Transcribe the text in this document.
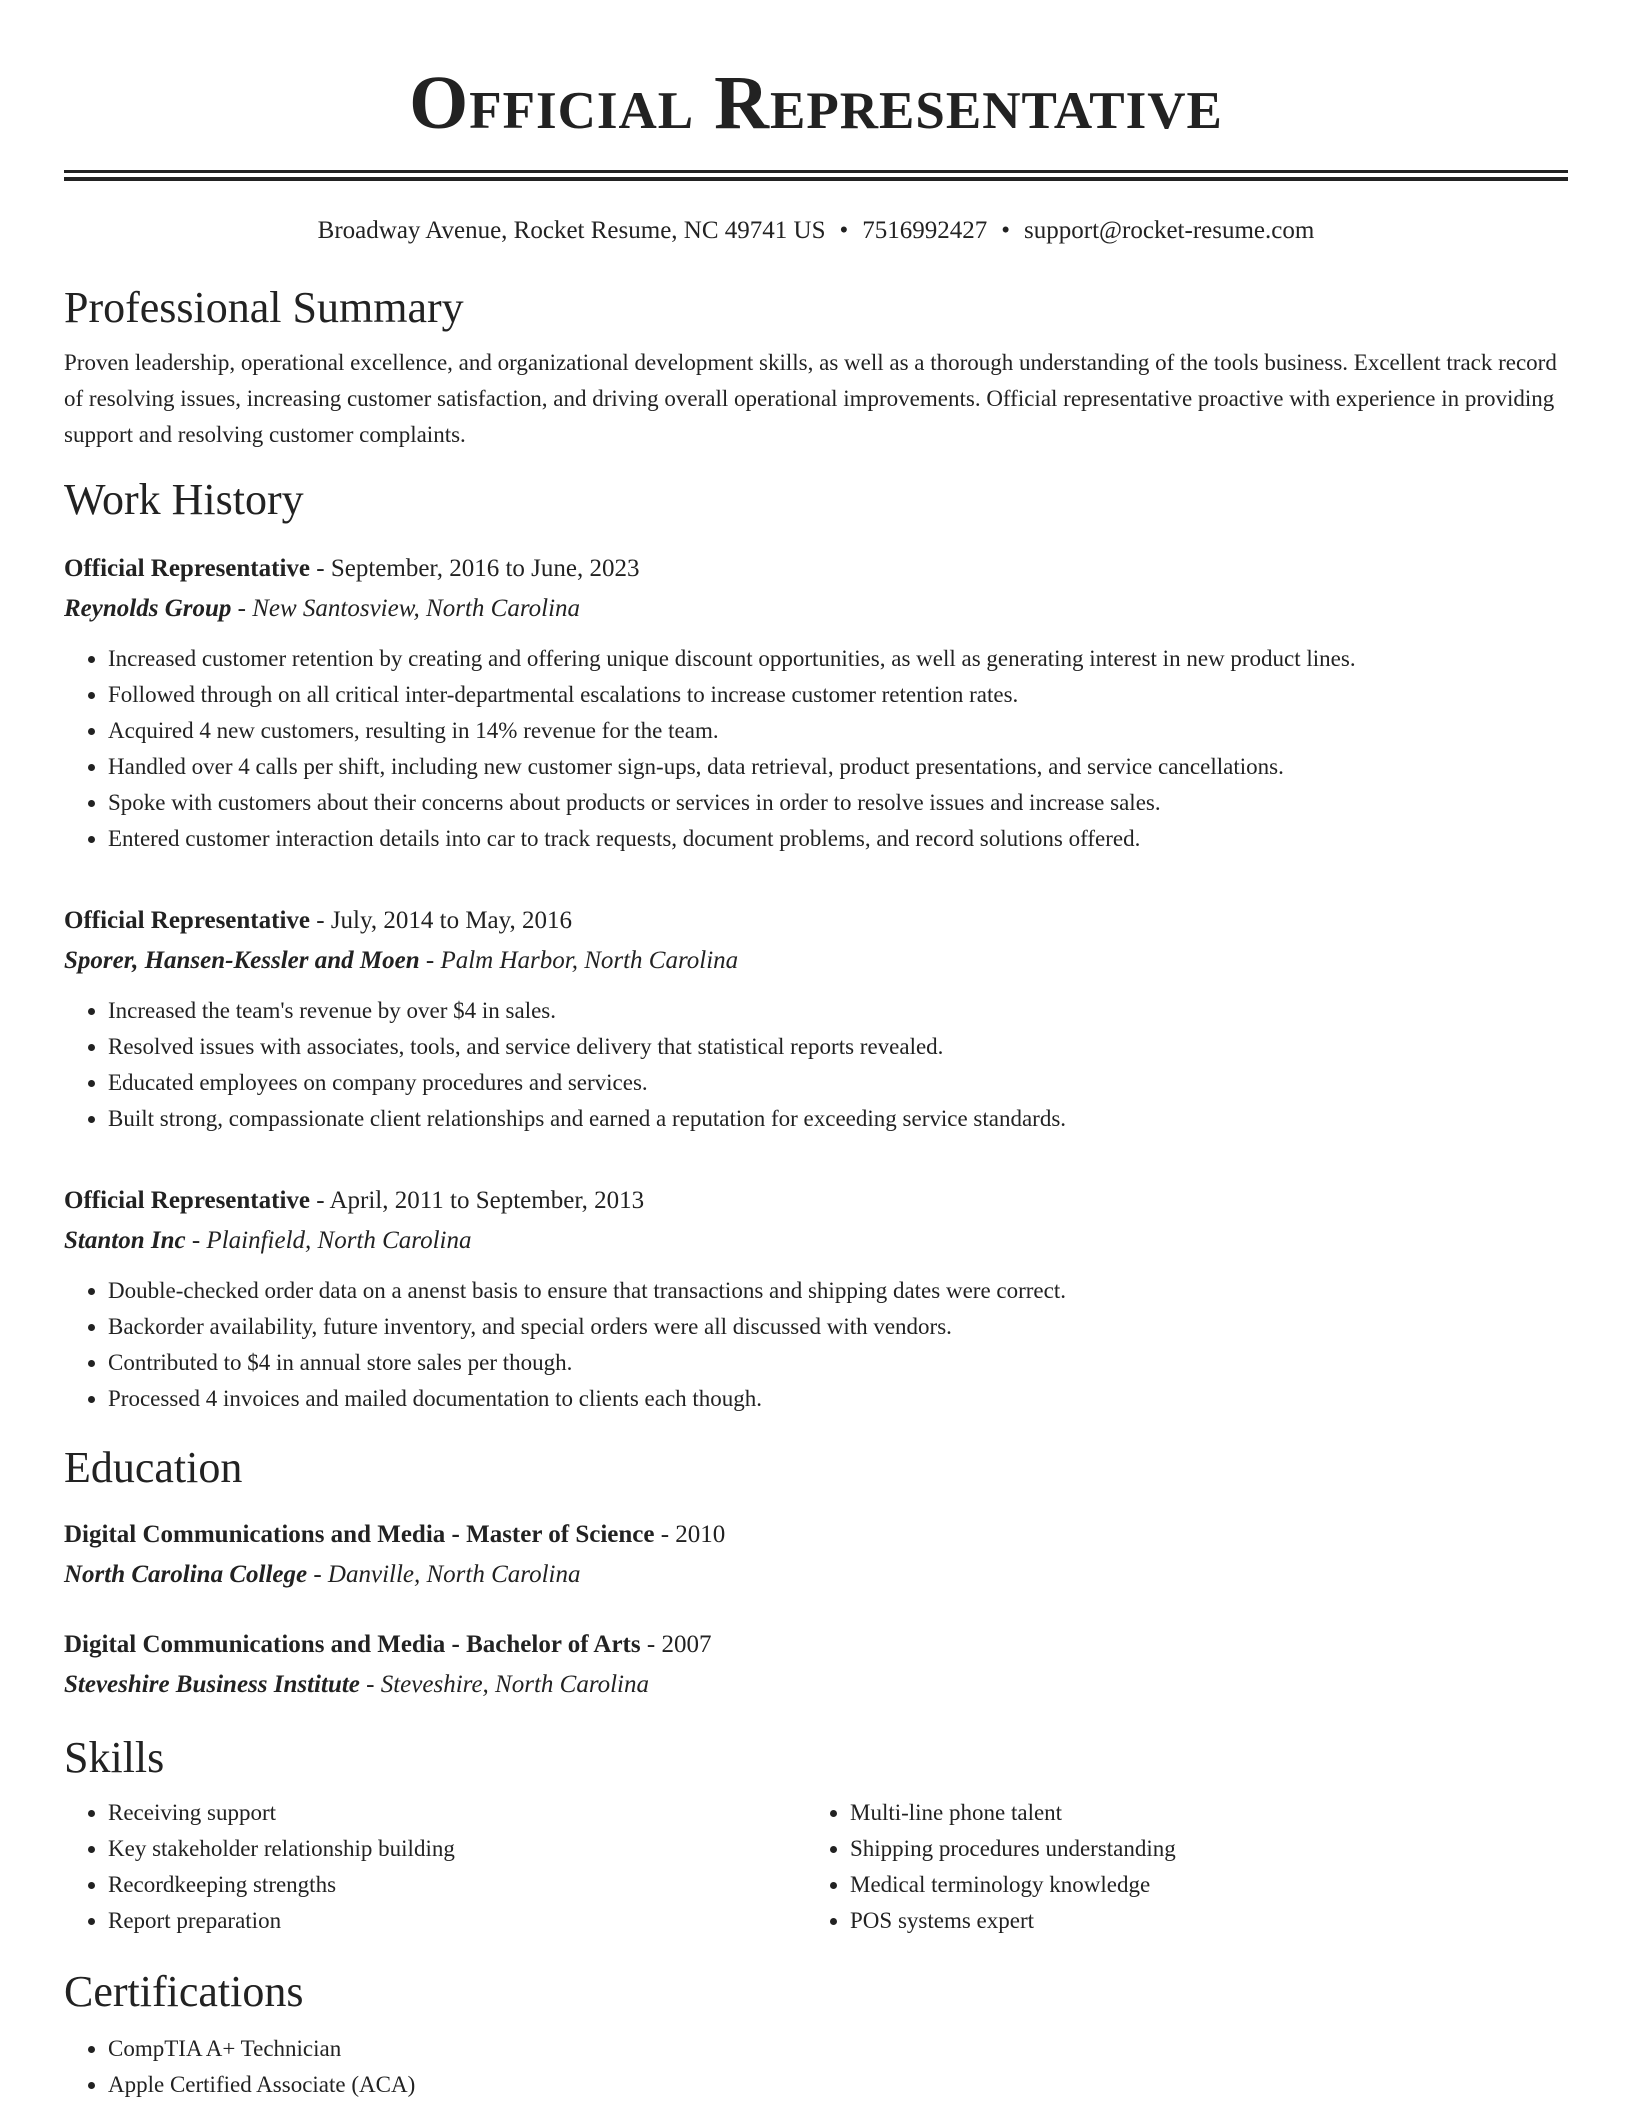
Official Representative
Broadway Avenue, Rocket Resume, NC 49741 US • 7516992427 • support@rocket-resume.com
Professional Summary

Proven leadership, operational excellence, and organizational development skills, as well as a thorough understanding of the tools business. Excellent track record of resolving issues, increasing customer satisfaction, and driving overall operational improvements. Official representative proactive with experience in providing support and resolving customer complaints.

Work History
Official Representative - September, 2016 to June, 2023
Reynolds Group - New Santosview, North Carolina
• Increased customer retention by creating and offering unique discount opportunities, as well as generating interest in new product lines.
• Followed through on all critical inter-departmental escalations to increase customer retention rates.
• Acquired 4 new customers, resulting in 14% revenue for the team.
• Handled over 4 calls per shift, including new customer sign-ups, data retrieval, product presentations, and service cancellations.
• Spoke with customers about their concerns about products or services in order to resolve issues and increase sales.
• Entered customer interaction details into car to track requests, document problems, and record solutions offered.
Official Representative - July, 2014 to May, 2016
Sporer, Hansen-Kessler and Moen - Palm Harbor, North Carolina
• Increased the team's revenue by over $4 in sales.
• Resolved issues with associates, tools, and service delivery that statistical reports revealed.
• Educated employees on company procedures and services.
• Built strong, compassionate client relationships and earned a reputation for exceeding service standards.
Official Representative - April, 2011 to September, 2013
Stanton Inc - Plainfield, North Carolina
• Double-checked order data on a anenst basis to ensure that transactions and shipping dates were correct.
• Backorder availability, future inventory, and special orders were all discussed with vendors.
• Contributed to $4 in annual store sales per though.
• Processed 4 invoices and mailed documentation to clients each though.
Education
Digital Communications and Media - Master of Science - 2010
North Carolina College - Danville, North Carolina
Digital Communications and Media - Bachelor of Arts - 2007
Steveshire Business Institute - Steveshire, North Carolina
Skills
• Receiving support
• Key stakeholder relationship building
• Recordkeeping strengths
• Report preparation
• Multi-line phone talent
• Shipping procedures understanding
• Medical terminology knowledge
• POS systems expert
Certifications
• CompTIA A+ Technician
• Apple Certified Associate (ACA)
